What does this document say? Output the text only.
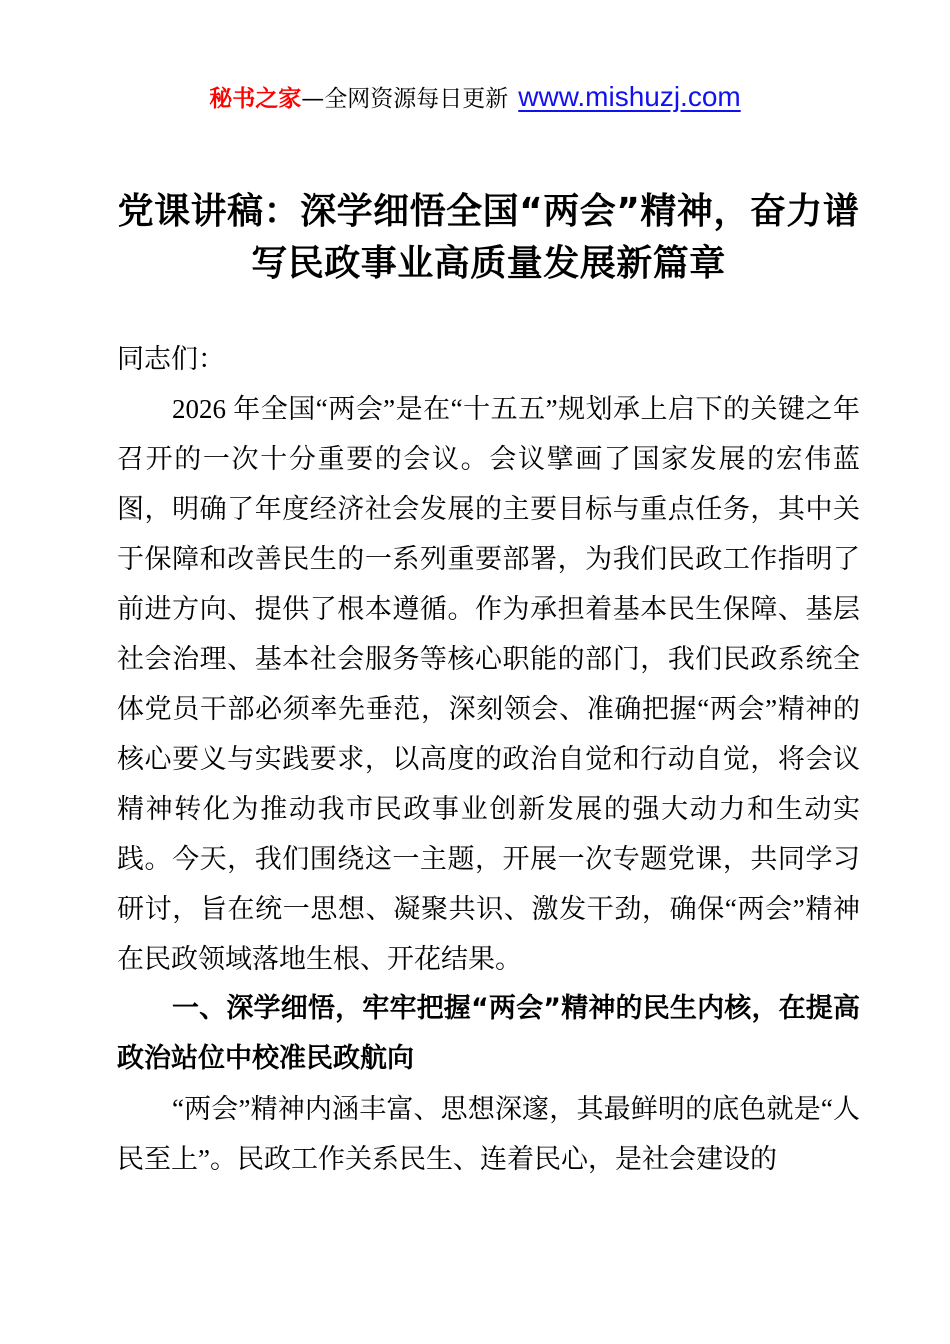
秘书之家—全网资源每日更新 www.mishuzj.com
党课讲稿：深学细悟全国“两会”精神，奋力谱写民政事业高质量发展新篇章

同志们：

2026 年全国“两会”是在“十五五”规划承上启下的关键之年召开的一次十分重要的会议。会议擘画了国家发展的宏伟蓝图，明确了年度经济社会发展的主要目标与重点任务，其中关于保障和改善民生的一系列重要部署，为我们民政工作指明了前进方向、提供了根本遵循。作为承担着基本民生保障、基层社会治理、基本社会服务等核心职能的部门，我们民政系统全体党员干部必须率先垂范，深刻领会、准确把握“两会”精神的核心要义与实践要求，以高度的政治自觉和行动自觉，将会议精神转化为推动我市民政事业创新发展的强大动力和生动实践。今天，我们围绕这一主题，开展一次专题党课，共同学习研讨，旨在统一思想、凝聚共识、激发干劲，确保“两会”精神在民政领域落地生根、开花结果。

一、深学细悟，牢牢把握“两会”精神的民生内核，在提高政治站位中校准民政航向

“两会”精神内涵丰富、思想深邃，其最鲜明的底色就是“人民至上”。民政工作关系民生、连着民心，是社会建设的
